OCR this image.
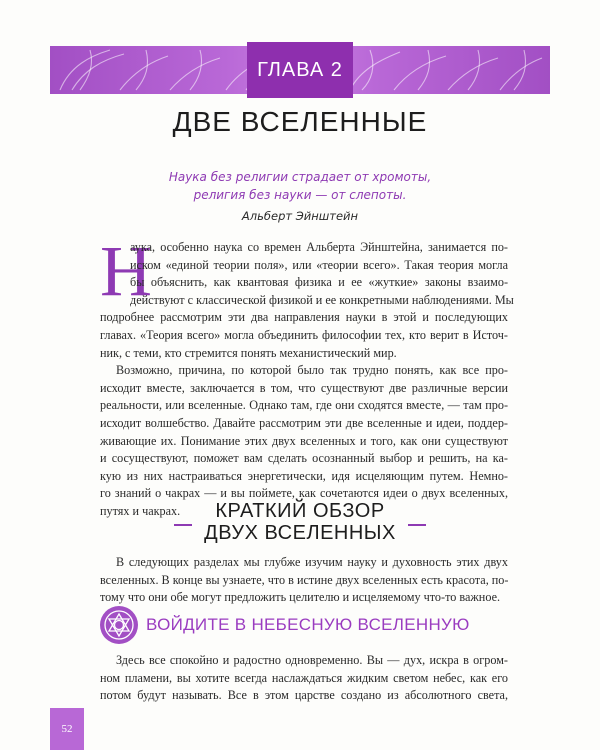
ГЛАВА 2
ДВЕ ВСЕЛЕННЫЕ
Наука без религии страдает от хромоты,
религия без науки — от слепоты.
Альберт Эйнштейн
Н
аука, особенно наука со времен Альберта Эйнштейна, занимается по-
иском «единой теории поля», или «теории всего». Такая теория могла
бы объяснить, как квантовая физика и ее «жуткие» законы взаимо-
действуют с классической физикой и ее конкретными наблюдениями. Мы
подробнее рассмотрим эти два направления науки в этой и последующих
главах. «Теория всего» могла объединить философии тех, кто верит в Источ-
ник, с теми, кто стремится понять механистический мир.
Возможно, причина, по которой было так трудно понять, как все про-
исходит вместе, заключается в том, что существуют две различные версии
реальности, или вселенные. Однако там, где они сходятся вместе, — там про-
исходит волшебство. Давайте рассмотрим эти две вселенные и идеи, поддер-
живающие их. Понимание этих двух вселенных и того, как они существуют
и сосуществуют, поможет вам сделать осознанный выбор и решить, на ка-
кую из них настраиваться энергетически, идя исцеляющим путем. Немно-
го знаний о чакрах — и вы поймете, как сочетаются идеи о двух вселенных,
путях и чакрах.	КРАТКИЙ ОБЗОР
ДВУХ ВСЕЛЕННЫХ
В следующих разделах мы глубже изучим науку и духовность этих двух
вселенных. В конце вы узнаете, что в истине двух вселенных есть красота, по-
тому что они обе могут предложить целителю и исцеляемому что-то важное.
ВОЙДИТЕ В НЕБЕСНУЮ ВСЕЛЕННУЮ
Здесь все спокойно и радостно одновременно. Вы — дух, искра в огром-
ном пламени, вы хотите всегда наслаждаться жидким светом небес, как его
потом будут называть. Все в этом царстве создано из абсолютного света,
52
